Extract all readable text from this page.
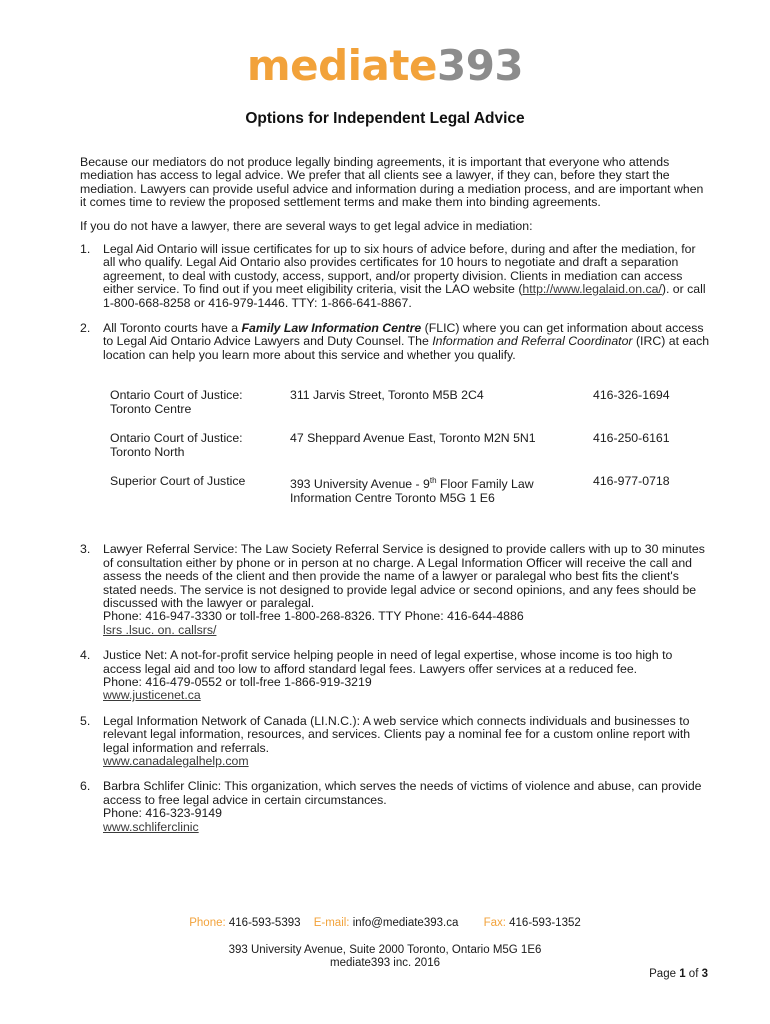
mediate393
Options for Independent Legal Advice

Because our mediators do not produce legally binding agreements, it is important that everyone who attends mediation has access to legal advice. We prefer that all clients see a lawyer, if they can, before they start the mediation. Lawyers can provide useful advice and information during a mediation process, and are important when it comes time to review the proposed settlement terms and make them into binding agreements.

If you do not have a lawyer, there are several ways to get legal advice in mediation:

1. Legal Aid Ontario will issue certificates for up to six hours of advice before, during and after the mediation, for all who qualify. Legal Aid Ontario also provides certificates for 10 hours to negotiate and draft a separation agreement, to deal with custody, access, support, and/or property division. Clients in mediation can access either service. To find out if you meet eligibility criteria, visit the LAO website (http://www.legalaid.on.ca/). or call 1-800-668-8258 or 416-979-1446. TTY: 1-866-641-8867.
2. All Toronto courts have a Family Law Information Centre (FLIC) where you can get information about access to Legal Aid Ontario Advice Lawyers and Duty Counsel. The Information and Referral Coordinator (IRC) at each location can help you learn more about this service and whether you qualify.
Ontario Court of Justice:
Toronto Centre	311 Jarvis Street, Toronto M5B 2C4	416-326-1694
Ontario Court of Justice:
Toronto North	47 Sheppard Avenue East, Toronto M2N 5N1	416-250-6161
Superior Court of Justice	393 University Avenue - 9th Floor Family Law Information Centre Toronto M5G 1 E6	416-977-0718
3. Lawyer Referral Service: The Law Society Referral Service is designed to provide callers with up to 30 minutes of consultation either by phone or in person at no charge. A Legal Information Officer will receive the call and assess the needs of the client and then provide the name of a lawyer or paralegal who best fits the client's stated needs. The service is not designed to provide legal advice or second opinions, and any fees should be discussed with the lawyer or paralegal.
Phone: 416-947-3330 or toll-free 1-800-268-8326. TTY Phone: 416-644-4886
lsrs .lsuc. on. callsrs/
4. Justice Net: A not-for-profit service helping people in need of legal expertise, whose income is too high to access legal aid and too low to afford standard legal fees. Lawyers offer services at a reduced fee.
Phone: 416-479-0552 or toll-free 1-866-919-3219
www.justicenet.ca
5. Legal Information Network of Canada (LI.N.C.): A web service which connects individuals and businesses to relevant legal information, resources, and services. Clients pay a nominal fee for a custom online report with legal information and referrals.
www.canadalegalhelp.com
6. Barbra Schlifer Clinic: This organization, which serves the needs of victims of violence and abuse, can provide access to free legal advice in certain circumstances.
Phone: 416-323-9149
www.schliferclinic
Phone: 416-593-5393 E-mail: info@mediate393.ca Fax: 416-593-1352
393 University Avenue, Suite 2000 Toronto, Ontario M5G 1E6
mediate393 inc. 2016
Page 1 of 3
